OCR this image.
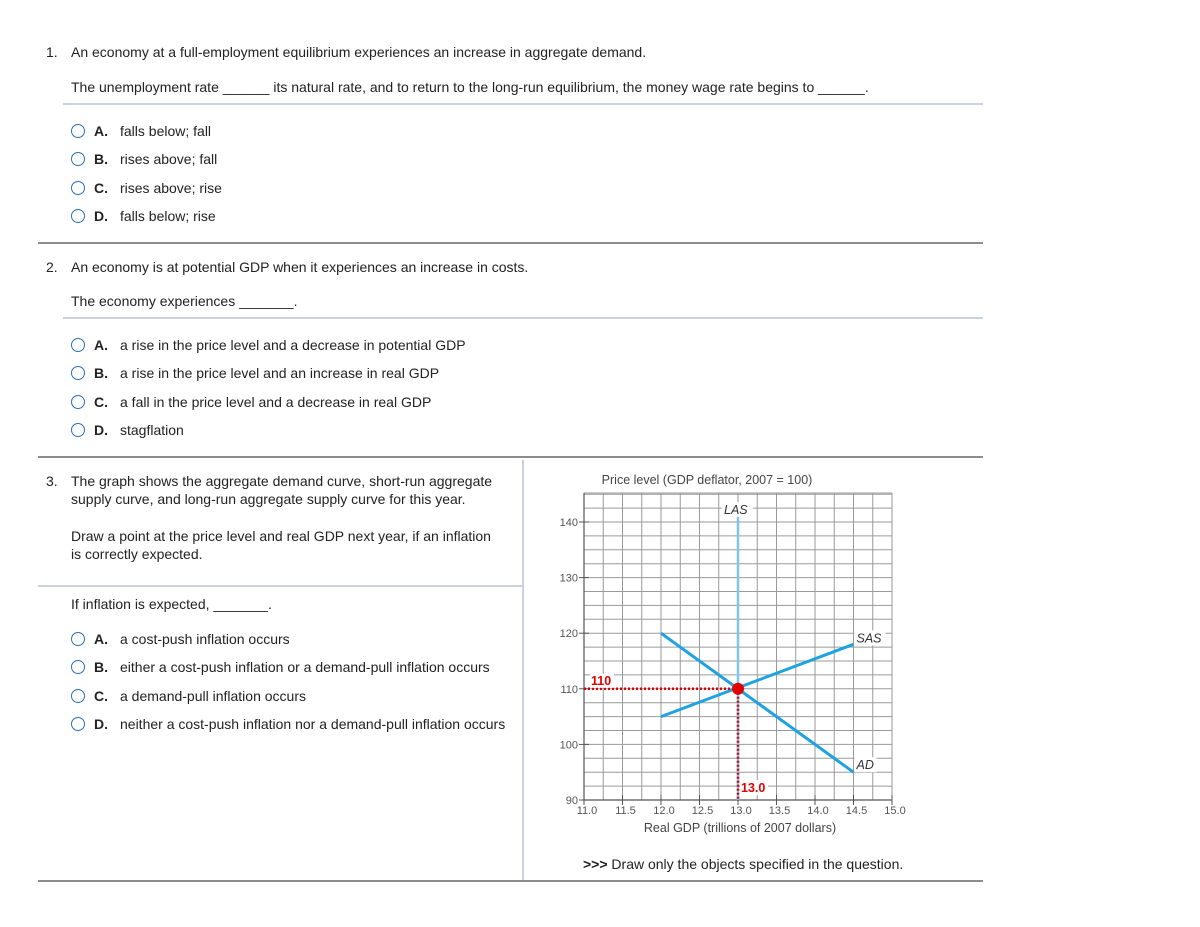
1. An economy at a full-employment equilibrium experiences an increase in aggregate demand.
The unemployment rate ______ its natural rate, and to return to the long-run equilibrium, the money wage rate begins to ______.
A. falls below; fall
B. rises above; fall
C. rises above; rise
D. falls below; rise
2. An economy is at potential GDP when it experiences an increase in costs.
The economy experiences _______.
A. a rise in the price level and a decrease in potential GDP
B. a rise in the price level and an increase in real GDP
C. a fall in the price level and a decrease in real GDP
D. stagflation
3. The graph shows the aggregate demand curve, short-run aggregate
supply curve, and long-run aggregate supply curve for this year.
Draw a point at the price level and real GDP next year, if an inflation
is correctly expected.
If inflation is expected, _______.
A. a cost-push inflation occurs
B. either a cost-push inflation or a demand-pull inflation occurs
C. a demand-pull inflation occurs
D. neither a cost-push inflation nor a demand-pull inflation occurs
90
100
110
120
130
140
11.0 11.5 12.0 12.5 13.0 13.5 14.0 14.5 15.0
Price level (GDP deflator, 2007 = 100)
Real GDP (trillions of 2007 dollars)
LAS
SAS
AD
110
13.0
>>> Draw only the objects specified in the question.
